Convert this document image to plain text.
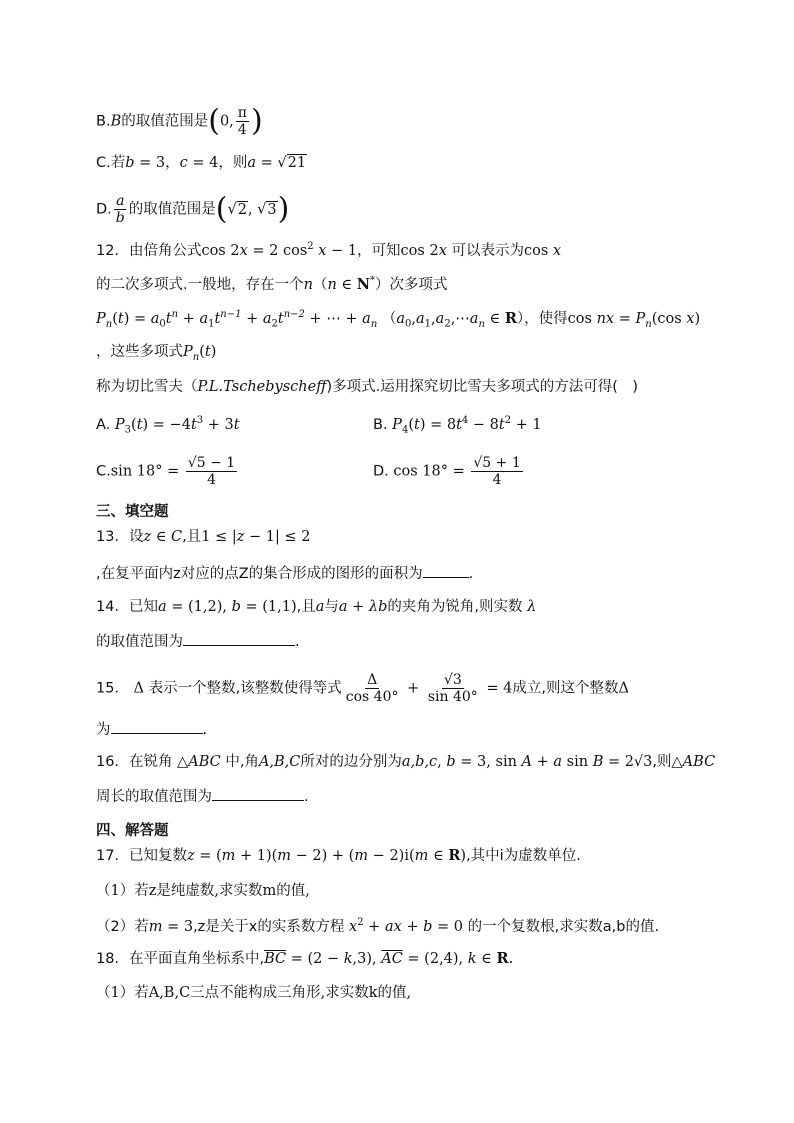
B.B的取值范围是(0, $\frac{\pi}{4}$ )
C.若b = 3，c = 4，则a = √21
D. $\frac{a}{b}$ 的取值范围是(√2, √3)
12．由倍角公式cos 2x = 2 $\cos^2 x - 1$，可知cos 2x 可以表示为cos x
的二次多项式.一般地，存在一个n（n ∈ N*）次多项式
$P_n(t) = a_0t^n + a_1t^{n-1} + a_2t^{n-2}$ + ⋯ + $a_n$ （$a_0,a_1,a_2,\cdots a_n$ ∈ R），使得cos nx = $P_n(\cos$ x)
，这些多项式$P_n(t)$
称为切比雪夫（P.L.Tschebyscheff)多项式.运用探究切比雪夫多项式的方法可得(　)
A. $P_3(t) = -4t^3 + 3t$	B. $P_4(t) = 8t^4 - 8t^2 + 1$
C.sin $18^\circ = \frac{√5 - 1}{4}$	D. $\cos 18^\circ = \frac{√5 + 1}{4}$
三、填空题
13．设z ∈ C,且1 ≤ |z − 1| ≤ 2
,在复平面内z对应的点Z的集合形成的图形的面积为	.
14．已知a = (1,2), b = (1,1),且a与a + λb的夹角为锐角,则实数 λ
的取值范围为	.
15． Δ 表示一个整数,该整数使得等式 $\frac{\Delta}{\cos 40^\circ} + \frac{√3}{\sin 40^\circ} = 4$成立,则这个整数Δ
为	.
16．在锐角 △ABC 中,角A,B,C所对的边分别为a,b,c, b = 3, sin A + a sin B = 2√3,则△ABC
周长的取值范围为	.
四、解答题
17．已知复数z = (m + 1)(m − 2) + (m − 2)i(m ∈ R),其中i为虚数单位.
（1）若z是纯虚数,求实数m的值,
（2）若m = 3,z是关于x的实系数方程 $x^2$ + ax + b = 0 的一个复数根,求实数a,b的值.
18．在平面直角坐标系中$,\overline{BC} = (2 - k,3)$, $\overline{AC} = (2,4)$, k ∈ R.
（1）若A,B,C三点不能构成三角形,求实数k的值,
